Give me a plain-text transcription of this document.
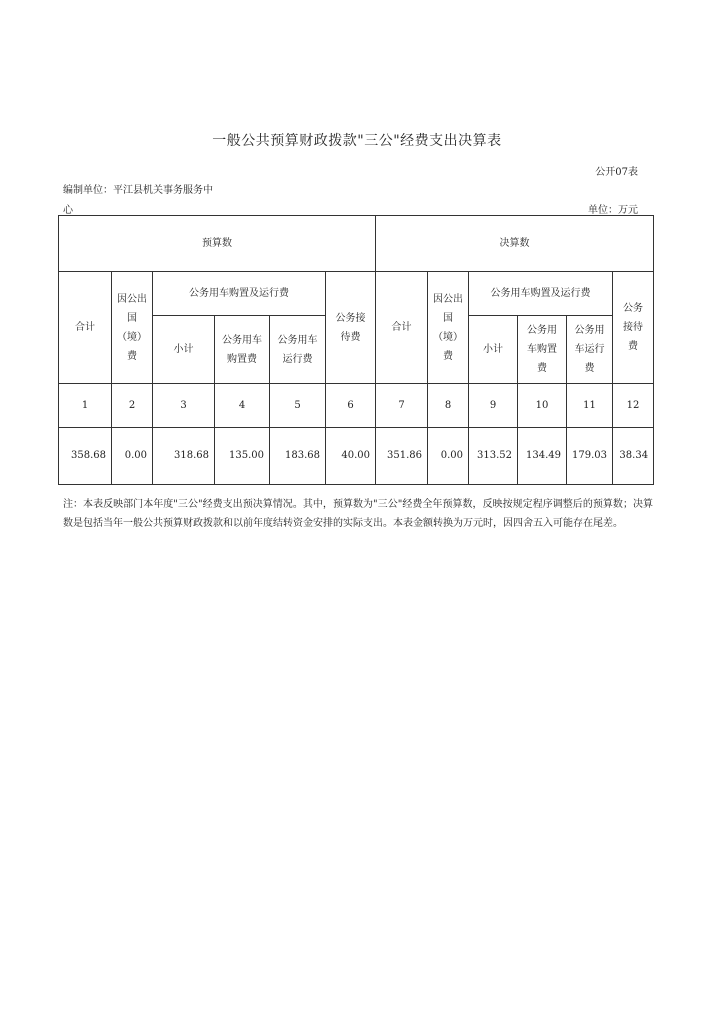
一般公共预算财政拨款"三公"经费支出决算表
公开07表
编制单位：平江县机关事务服务中
心	单位：万元
预算数						决算数					
合计	因公出国（境）费	公务用车购置及运行费			公务接待费	合计	因公出国（境）费	公务用车购置及运行费			公务接待费
		小计	公务用车购置费	公务用车运行费				小计	公务用车购置费	公务用车运行费	
1	2	3	4	5	6	7	8	9	10	11	12
358.68	0.00	318.68	135.00	183.68	40.00	351.86	0.00	313.52	134.49	179.03	38.34
注：本表反映部门本年度"三公"经费支出预决算情况。其中，预算数为"三公"经费全年预算数，反映按规定程序调整后的预算数；决算数是包括当年一般公共预算财政拨款和以前年度结转资金安排的实际支出。本表金额转换为万元时，因四舍五入可能存在尾差。
